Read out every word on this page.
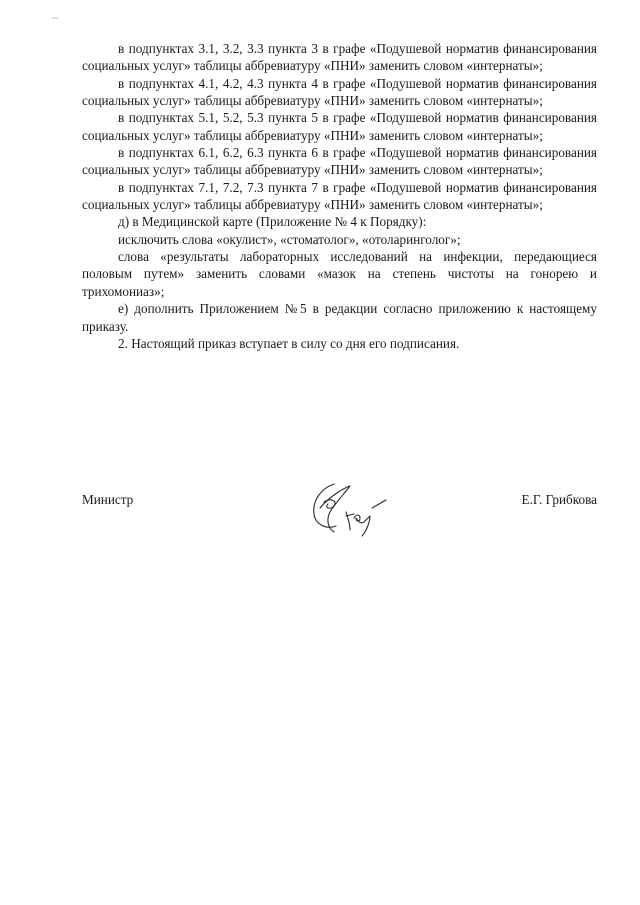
в подпунктах 3.1, 3.2, 3.3 пункта 3 в графе «Подушевой норматив финансирования социальных услуг» таблицы аббревиатуру «ПНИ» заменить словом «интернаты»;

в подпунктах 4.1, 4.2, 4.3 пункта 4 в графе «Подушевой норматив финансирования социальных услуг» таблицы аббревиатуру «ПНИ» заменить словом «интернаты»;

в подпунктах 5.1, 5.2, 5.3 пункта 5 в графе «Подушевой норматив финансирования социальных услуг» таблицы аббревиатуру «ПНИ» заменить словом «интернаты»;

в подпунктах 6.1, 6.2, 6.3 пункта 6 в графе «Подушевой норматив финансирования социальных услуг» таблицы аббревиатуру «ПНИ» заменить словом «интернаты»;

в подпунктах 7.1, 7.2, 7.3 пункта 7 в графе «Подушевой норматив финансирования социальных услуг» таблицы аббревиатуру «ПНИ» заменить словом «интернаты»;

д) в Медицинской карте (Приложение № 4 к Порядку):

исключить слова «окулист», «стоматолог», «отоларинголог»;

слова «результаты лабораторных исследований на инфекции, передающиеся половым путем» заменить словами «мазок на степень чистоты на гонорею и трихомониаз»;

е) дополнить Приложением №5 в редакции согласно приложению к настоящему приказу.

2. Настоящий приказ вступает в силу со дня его подписания.

Министр	Е.Г. Грибкова
